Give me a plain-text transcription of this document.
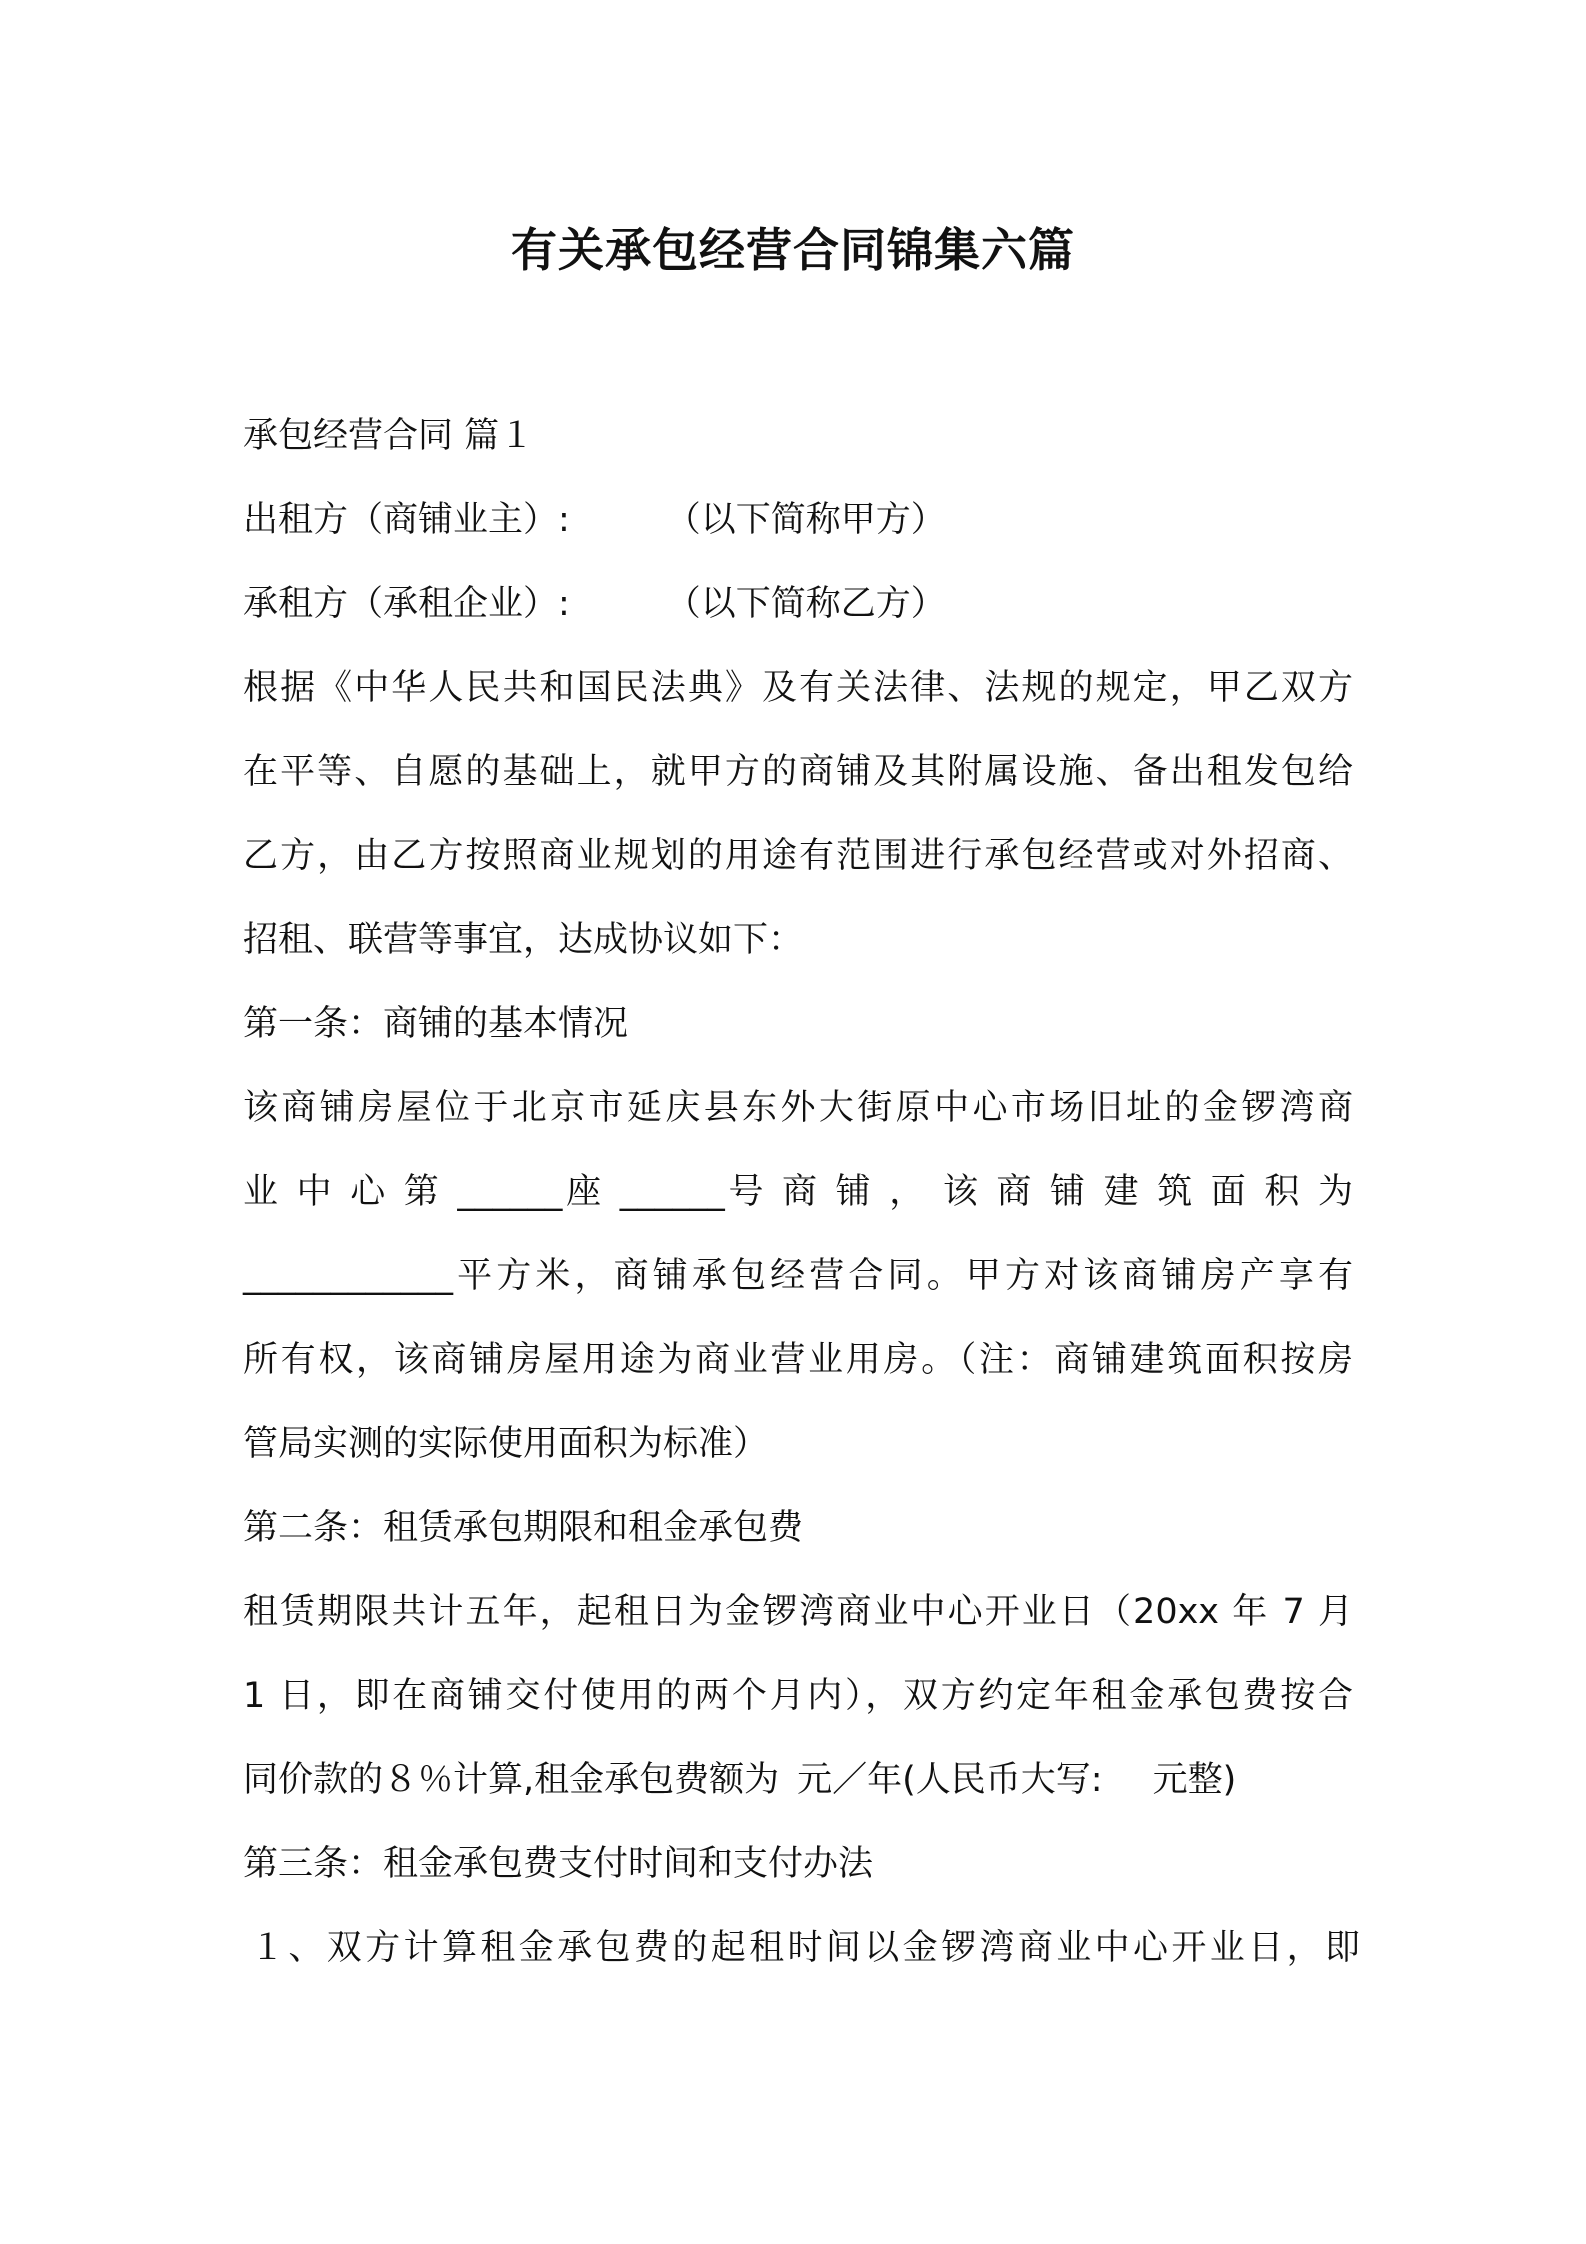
有关承包经营合同锦集六篇
承包经营合同 篇１
出租方（商铺业主）:	（以下简称甲方）
承租方（承租企业）:	（以下简称乙方）
根据《中华人民共和国民法典》及有关法律、法规的规定，甲乙双方
在平等、自愿的基础上，就甲方的商铺及其附属设施、备出租发包给
乙方，由乙方按照商业规划的用途有范围进行承包经营或对外招商、
招租、联营等事宜，达成协议如下：
第一条：商铺的基本情况
该商铺房屋位于北京市延庆县东外大街原中心市场旧址的金锣湾商
业 中 心 第 ______座 ______号 商 铺 ， 该 商 铺 建 筑 面 积 为
____________平方米，商铺承包经营合同。甲方对该商铺房产享有
所有权，该商铺房屋用途为商业营业用房。（注：商铺建筑面积按房
管局实测的实际使用面积为标准）
第二条：租赁承包期限和租金承包费
租赁期限共计五年，起租日为金锣湾商业中心开业日（20xx 年 7 月
1 日，即在商铺交付使用的两个月内），双方约定年租金承包费按合
同价款的８％计算,租金承包费额为 元／年(人民币大写: 元整)
第三条：租金承包费支付时间和支付办法
１、双方计算租金承包费的起租时间以金锣湾商业中心开业日，即
